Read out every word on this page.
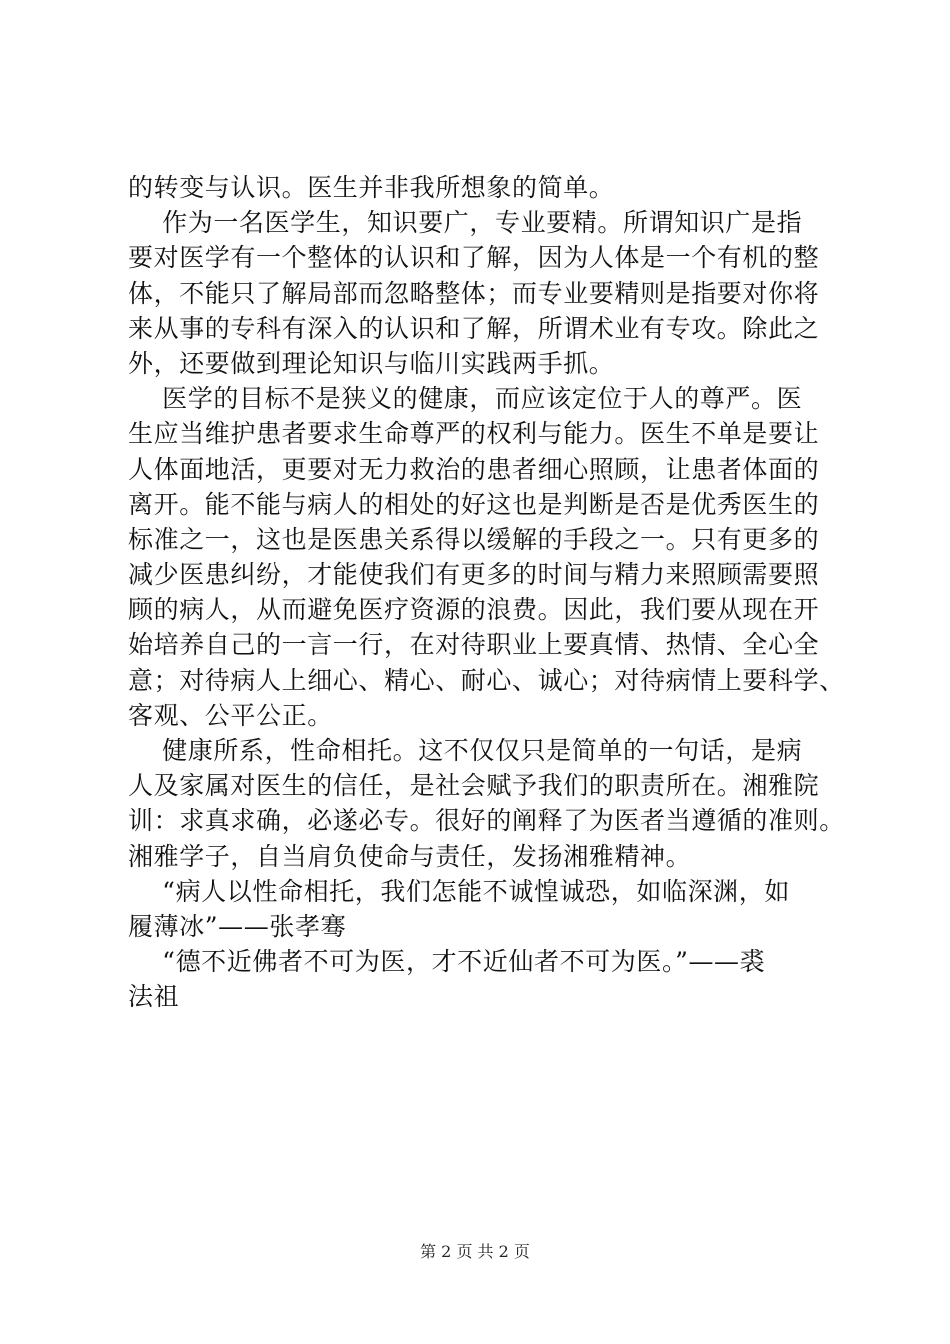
的转变与认识。医生并非我所想象的简单。
作为一名医学生，知识要广，专业要精。所谓知识广是指
要对医学有一个整体的认识和了解，因为人体是一个有机的整
体，不能只了解局部而忽略整体；而专业要精则是指要对你将
来从事的专科有深入的认识和了解，所谓术业有专攻。除此之
外，还要做到理论知识与临川实践两手抓。
医学的目标不是狭义的健康，而应该定位于人的尊严。医
生应当维护患者要求生命尊严的权利与能力。医生不单是要让
人体面地活，更要对无力救治的患者细心照顾，让患者体面的
离开。能不能与病人的相处的好这也是判断是否是优秀医生的
标准之一，这也是医患关系得以缓解的手段之一。只有更多的
减少医患纠纷，才能使我们有更多的时间与精力来照顾需要照
顾的病人，从而避免医疗资源的浪费。因此，我们要从现在开
始培养自己的一言一行，在对待职业上要真情、热情、全心全
意；对待病人上细心、精心、耐心、诚心；对待病情上要科学、
客观、公平公正。
健康所系，性命相托。这不仅仅只是简单的一句话，是病
人及家属对医生的信任，是社会赋予我们的职责所在。湘雅院
训：求真求确，必遂必专。很好的阐释了为医者当遵循的准则。
湘雅学子，自当肩负使命与责任，发扬湘雅精神。
“病人以性命相托，我们怎能不诚惶诚恐，如临深渊，如
履薄冰”——张孝骞
“德不近佛者不可为医，才不近仙者不可为医。”——裘
法祖
第 2 页 共 2 页
